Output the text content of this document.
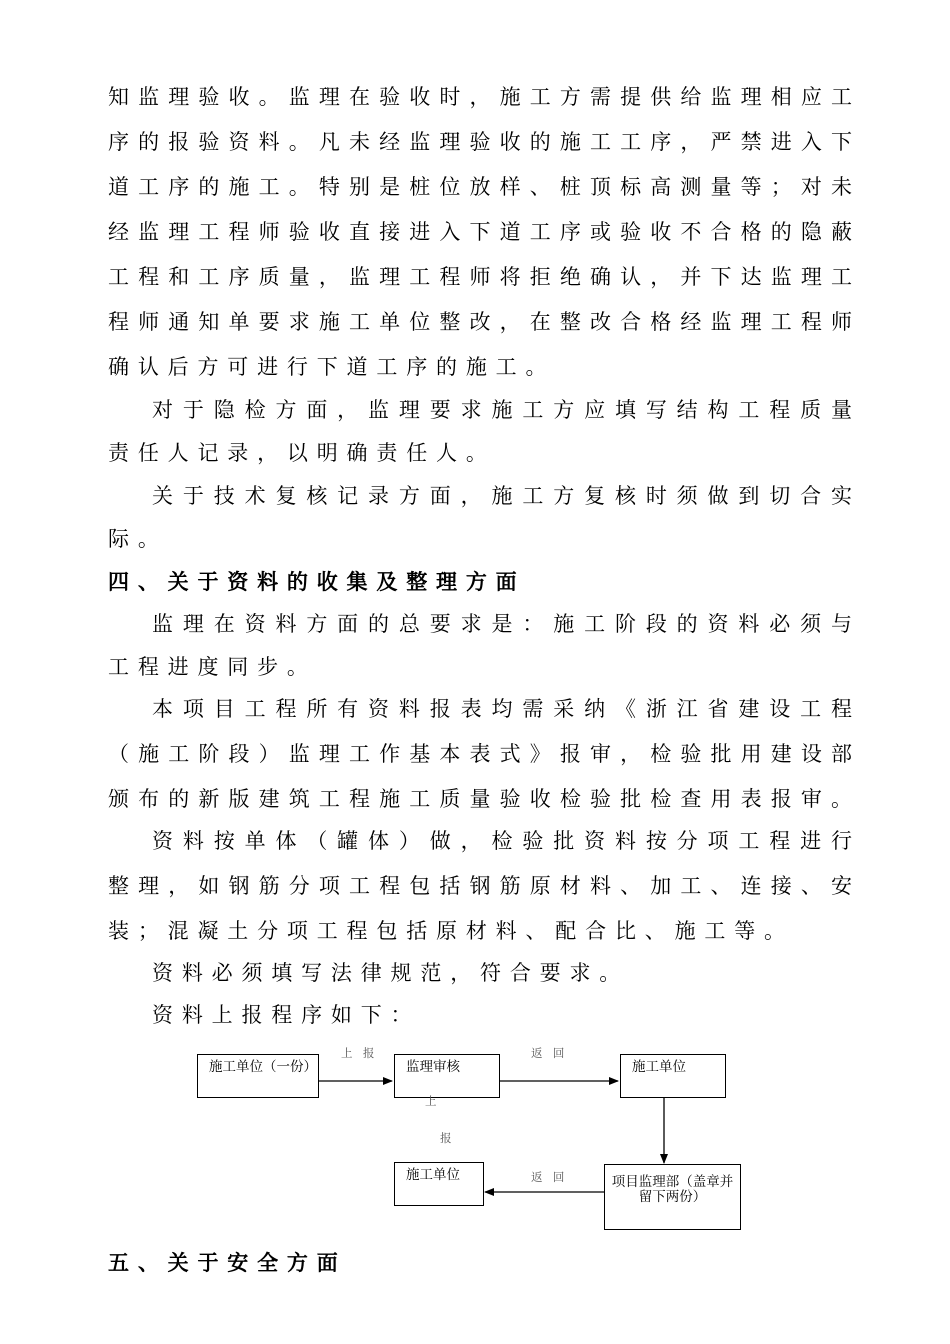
知监理验收。监理在验收时，施工方需提供给监理相应工
序的报验资料。凡未经监理验收的施工工序，严禁进入下
道工序的施工。特别是桩位放样、桩顶标高测量等；对未
经监理工程师验收直接进入下道工序或验收不合格的隐蔽
工程和工序质量，监理工程师将拒绝确认，并下达监理工
程师通知单要求施工单位整改，在整改合格经监理工程师
确认后方可进行下道工序的施工。
对于隐检方面，监理要求施工方应填写结构工程质量
责任人记录，以明确责任人。
关于技术复核记录方面，施工方复核时须做到切合实
际。
四、关于资料的收集及整理方面
监理在资料方面的总要求是：施工阶段的资料必须与
工程进度同步。
本项目工程所有资料报表均需采纳《浙江省建设工程
（施工阶段）监理工作基本表式》报审，检验批用建设部
颁布的新版建筑工程施工质量验收检验批检查用表报审。
资料按单体（罐体）做，检验批资料按分项工程进行
整理，如钢筋分项工程包括钢筋原材料、加工、连接、安
装；混凝土分项工程包括原材料、配合比、施工等。
资料必须填写法律规范，符合要求。
资料上报程序如下：
施工单位（一份）	监理审核	施工单位
施工单位	项目监理部（盖章并留下两份）
上报	返回
上
报
返回
五、关于安全方面
